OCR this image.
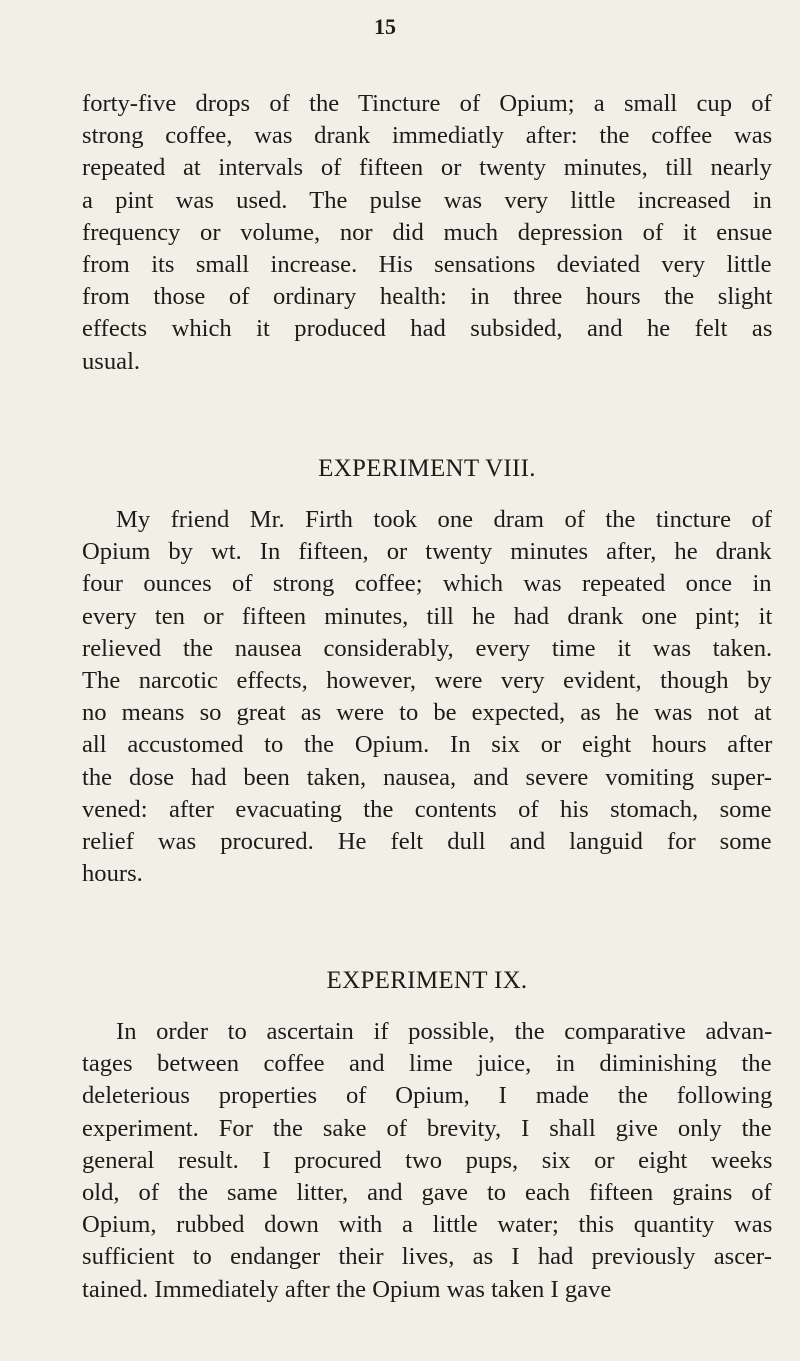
15

forty-five drops of the Tincture of Opium; a small cup of
strong coffee, was drank immediatly after: the coffee was
repeated at intervals of fifteen or twenty minutes, till nearly
a pint was used. The pulse was very little increased in
frequency or volume, nor did much depression of it ensue
from its small increase. His sensations deviated very little
from those of ordinary health: in three hours the slight
effects which it produced had subsided, and he felt as
usual.

EXPERIMENT VIII.

My friend Mr. Firth took one dram of the tincture of
Opium by wt. In fifteen, or twenty minutes after, he drank
four ounces of strong coffee; which was repeated once in
every ten or fifteen minutes, till he had drank one pint; it
relieved the nausea considerably, every time it was taken.
The narcotic effects, however, were very evident, though by
no means so great as were to be expected, as he was not at
all accustomed to the Opium. In six or eight hours after
the dose had been taken, nausea, and severe vomiting super-
vened: after evacuating the contents of his stomach, some
relief was procured. He felt dull and languid for some
hours.

EXPERIMENT IX.

In order to ascertain if possible, the comparative advan-
tages between coffee and lime juice, in diminishing the
deleterious properties of Opium, I made the following
experiment. For the sake of brevity, I shall give only the
general result. I procured two pups, six or eight weeks
old, of the same litter, and gave to each fifteen grains of
Opium, rubbed down with a little water; this quantity was
sufficient to endanger their lives, as I had previously ascer-
tained. Immediately after the Opium was taken I gave
